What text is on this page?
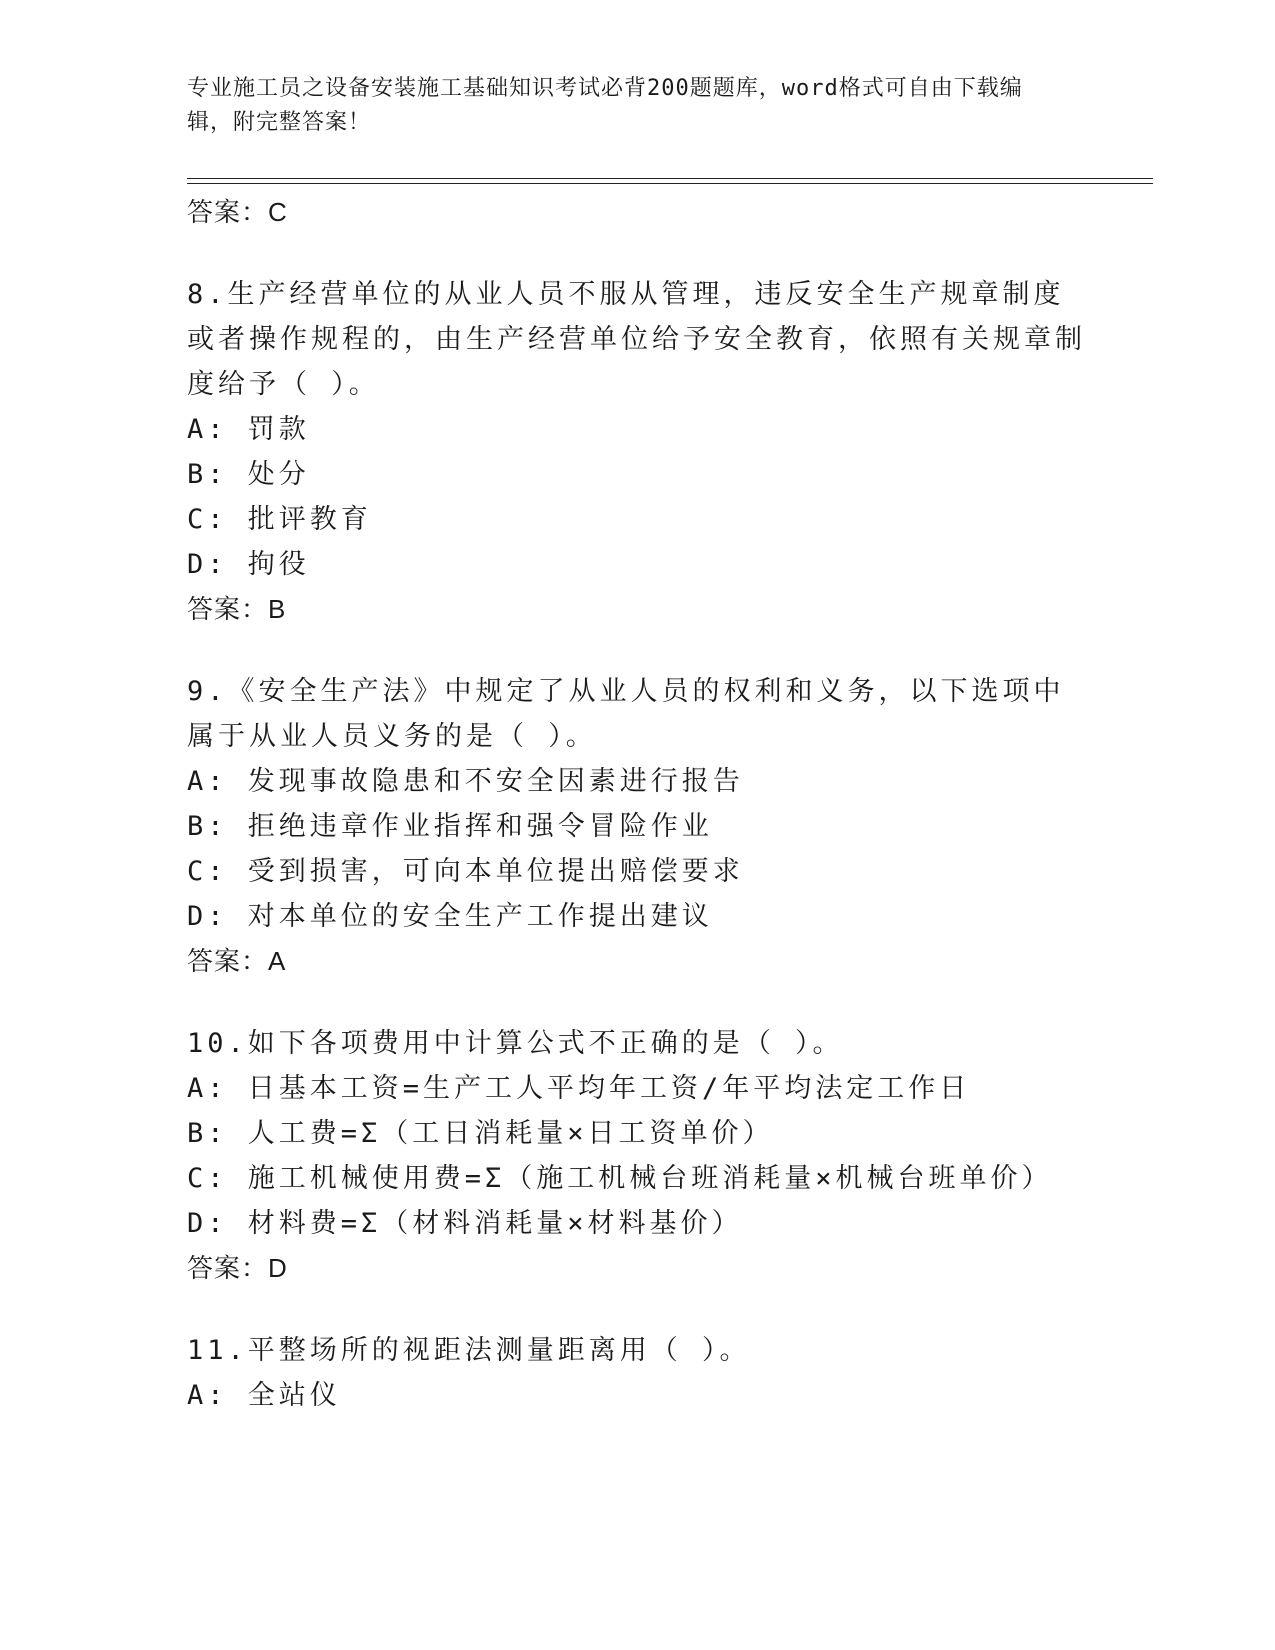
专业施工员之设备安装施工基础知识考试必背200题题库，word格式可自由下载编辑，附完整答案！
答案：C
8.生产经营单位的从业人员不服从管理，违反安全生产规章制度或者操作规程的，由生产经营单位给予安全教育，依照有关规章制度给予（ ）。
A: 罚款
B: 处分
C: 批评教育
D: 拘役
答案：B
9.《安全生产法》中规定了从业人员的权利和义务，以下选项中属于从业人员义务的是（ ）。
A: 发现事故隐患和不安全因素进行报告
B: 拒绝违章作业指挥和强令冒险作业
C: 受到损害，可向本单位提出赔偿要求
D: 对本单位的安全生产工作提出建议
答案：A
10.如下各项费用中计算公式不正确的是（ ）。
A: 日基本工资=生产工人平均年工资/年平均法定工作日
B: 人工费=Σ（工日消耗量×日工资单价）
C: 施工机械使用费=Σ（施工机械台班消耗量×机械台班单价）
D: 材料费=Σ（材料消耗量×材料基价）
答案：D
11.平整场所的视距法测量距离用（ ）。
A: 全站仪
